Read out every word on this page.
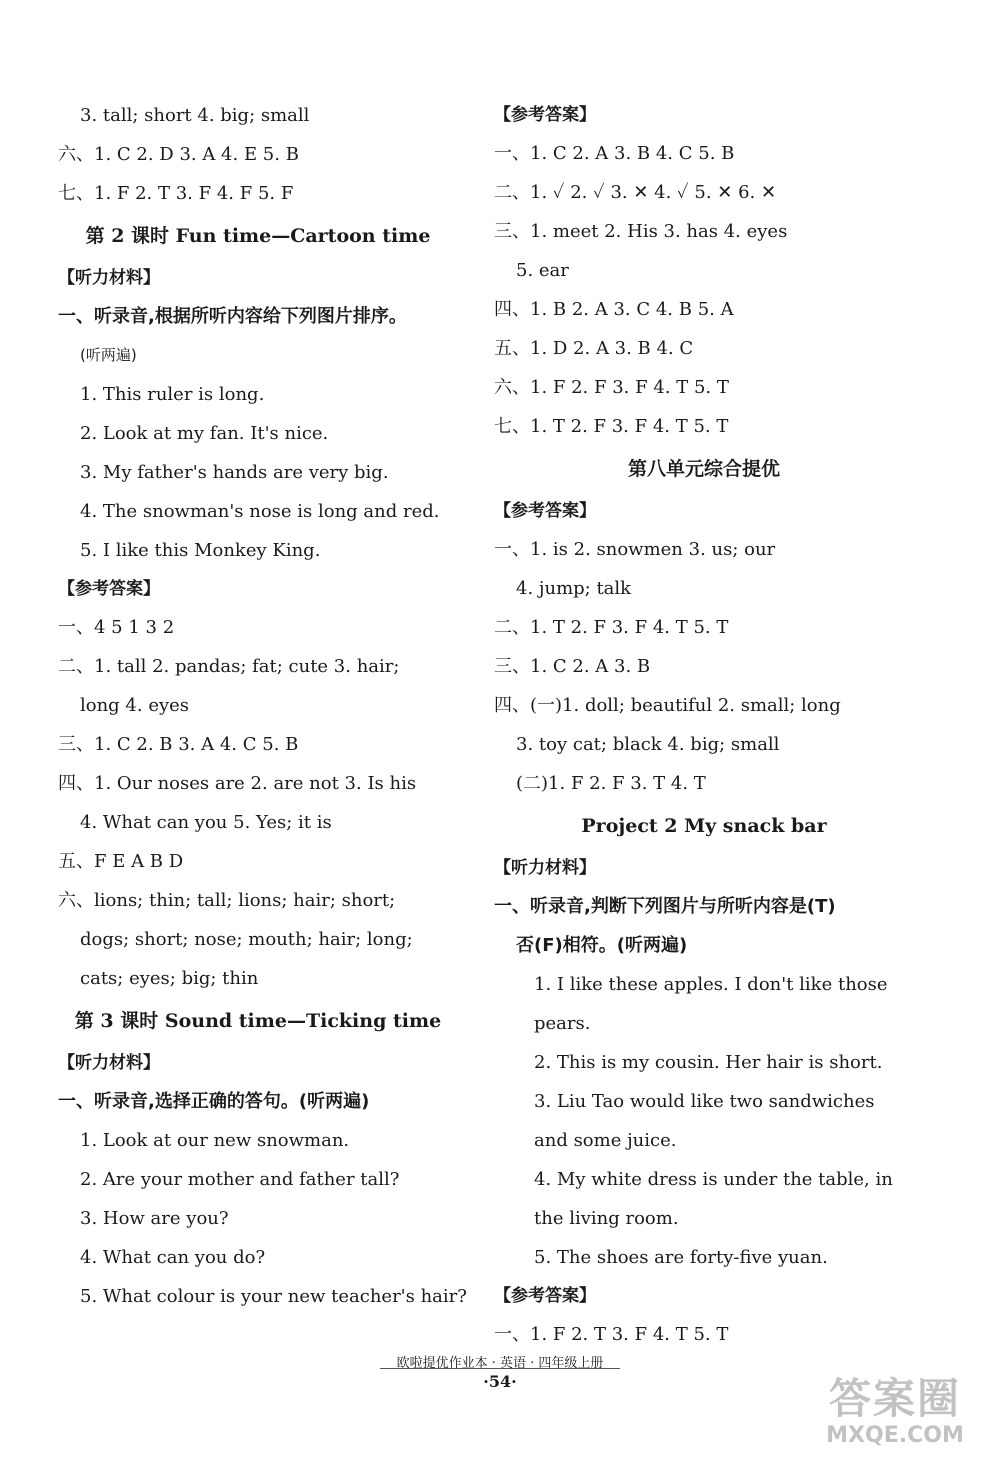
3. tall; short 4. big; small
六、1. C 2. D 3. A 4. E 5. B
七、1. F 2. T 3. F 4. F 5. F
第 2 课时 Fun time—Cartoon time
【听力材料】
一、听录音,根据所听内容给下列图片排序。
(听两遍)
1. This ruler is long.
2. Look at my fan. It's nice.
3. My father's hands are very big.
4. The snowman's nose is long and red.
5. I like this Monkey King.
【参考答案】
一、4 5 1 3 2
二、1. tall 2. pandas; fat; cute 3. hair;
long 4. eyes
三、1. C 2. B 3. A 4. C 5. B
四、1. Our noses are 2. are not 3. Is his
4. What can you 5. Yes; it is
五、F E A B D
六、lions; thin; tall; lions; hair; short;
dogs; short; nose; mouth; hair; long;
cats; eyes; big; thin
第 3 课时 Sound time—Ticking time
【听力材料】
一、听录音,选择正确的答句。(听两遍)
1. Look at our new snowman.
2. Are your mother and father tall?
3. How are you?
4. What can you do?
5. What colour is your new teacher's hair?
【参考答案】
一、1. C 2. A 3. B 4. C 5. B
二、1. ✓ 2. ✓ 3. ✕ 4. ✓ 5. ✕ 6. ✕
三、1. meet 2. His 3. has 4. eyes
5. ear
四、1. B 2. A 3. C 4. B 5. A
五、1. D 2. A 3. B 4. C
六、1. F 2. F 3. F 4. T 5. T
七、1. T 2. F 3. F 4. T 5. T
第八单元综合提优
【参考答案】
一、1. is 2. snowmen 3. us; our
4. jump; talk
二、1. T 2. F 3. F 4. T 5. T
三、1. C 2. A 3. B
四、(一)1. doll; beautiful 2. small; long
3. toy cat; black 4. big; small
(二)1. F 2. F 3. T 4. T
Project 2 My snack bar
【听力材料】
一、听录音,判断下列图片与所听内容是(T)
否(F)相符。(听两遍)
1. I like these apples. I don't like those
pears.
2. This is my cousin. Her hair is short.
3. Liu Tao would like two sandwiches
and some juice.
4. My white dress is under the table, in
the living room.
5. The shoes are forty-five yuan.
【参考答案】
一、1. F 2. T 3. F 4. T 5. T
欧啦提优作业本 · 英语 · 四年级上册
·54·	答案圈
MXQE.COM
